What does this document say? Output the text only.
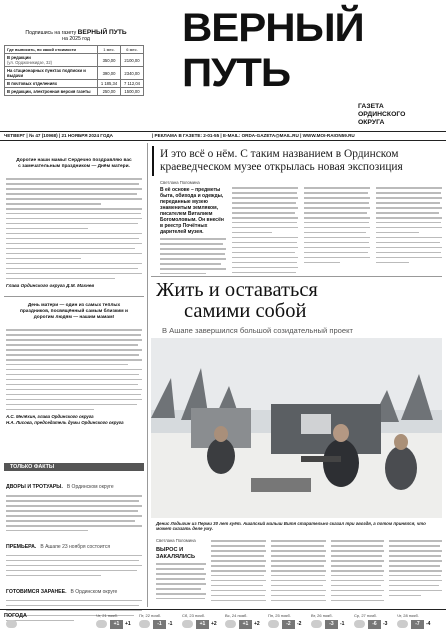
Подпишись на газету ВЕРНЫЙ ПУТЬ
на 2025 год
Где выписать, по какой стоимости	1 мес.	6 мес.
В редакции
(ул. Орджоникидзе, 32)	350,00	2100,00
На стационарных пунктах подписки и выдачи	390,00	2340,00
В почтовых отделениях	1 185,34	7 112,04
В редакции, электронная версия газеты	250,00	1500,00
ВЕРНЫЙ
ПУТЬ
ГАЗЕТА
ОРДИНСКОГО
ОКРУГА
ЧЕТВЕРГ | № 47 (10968) | 21 НОЯБРЯ 2024 ГОДА	| РЕКЛАМА В ГАЗЕТЕ: 2-01-55 | E-MAIL: ORDA-GAZETA@MAIL.RU | WWW.MOI-RAION59.RU
Дорогие наши мамы! Сердечно поздравляю вас с замечательным праздником — Днём матери.
Глава Ординского округа Д.М. Махнев
День матери — один из самых теплых праздников, посвящённый самым близким и дорогим людям — нашим мамам!
А.С. Мелёхин, глава Ординского округа
Н.А. Лисова, председатель думы Ординского округа
ТОЛЬКО ФАКТЫ
ДВОРЫ И ТРОТУАРЫ. В Ординском округе
ПРЕМЬЕРА. В Ашапе 23 ноября состоится
ГОТОВИМСЯ ЗАРАНЕЕ. В Ординском округе
И это всё о нём. С таким названием в Ординском краеведческом музее открылась новая экспозиция
Светлана Поломина
В её основе – предметы быта, обихода и одежды, переданные музею знаменитым земляком, писателем Виталием Богомоловым. Он внесён в реестр Почётных дарителей музея.
Жить и оставаться
самими собой
В Ашапе завершился большой созидательный проект
Денис Лодыгин из Перми 30 лет куёт. Ашапский малыш Витя старательно сказал три гвоздя, а потом принялся, что может сказать деле уму.
Светлана Поломина
ВЫРОС И ЗАКАЛЯЛИСЬ
ПОГОДА	Чт, 21 нояб.
+1	+1
Пт, 22 нояб.
-1	-1
Сб, 23 нояб.
+1	+2
Вс, 24 нояб.
+1	+2
Пн, 25 нояб.
-2	-2
Вт, 26 нояб.
-3	-1
Ср, 27 нояб.
-6	-3
Чт, 28 нояб.
-7	-4
